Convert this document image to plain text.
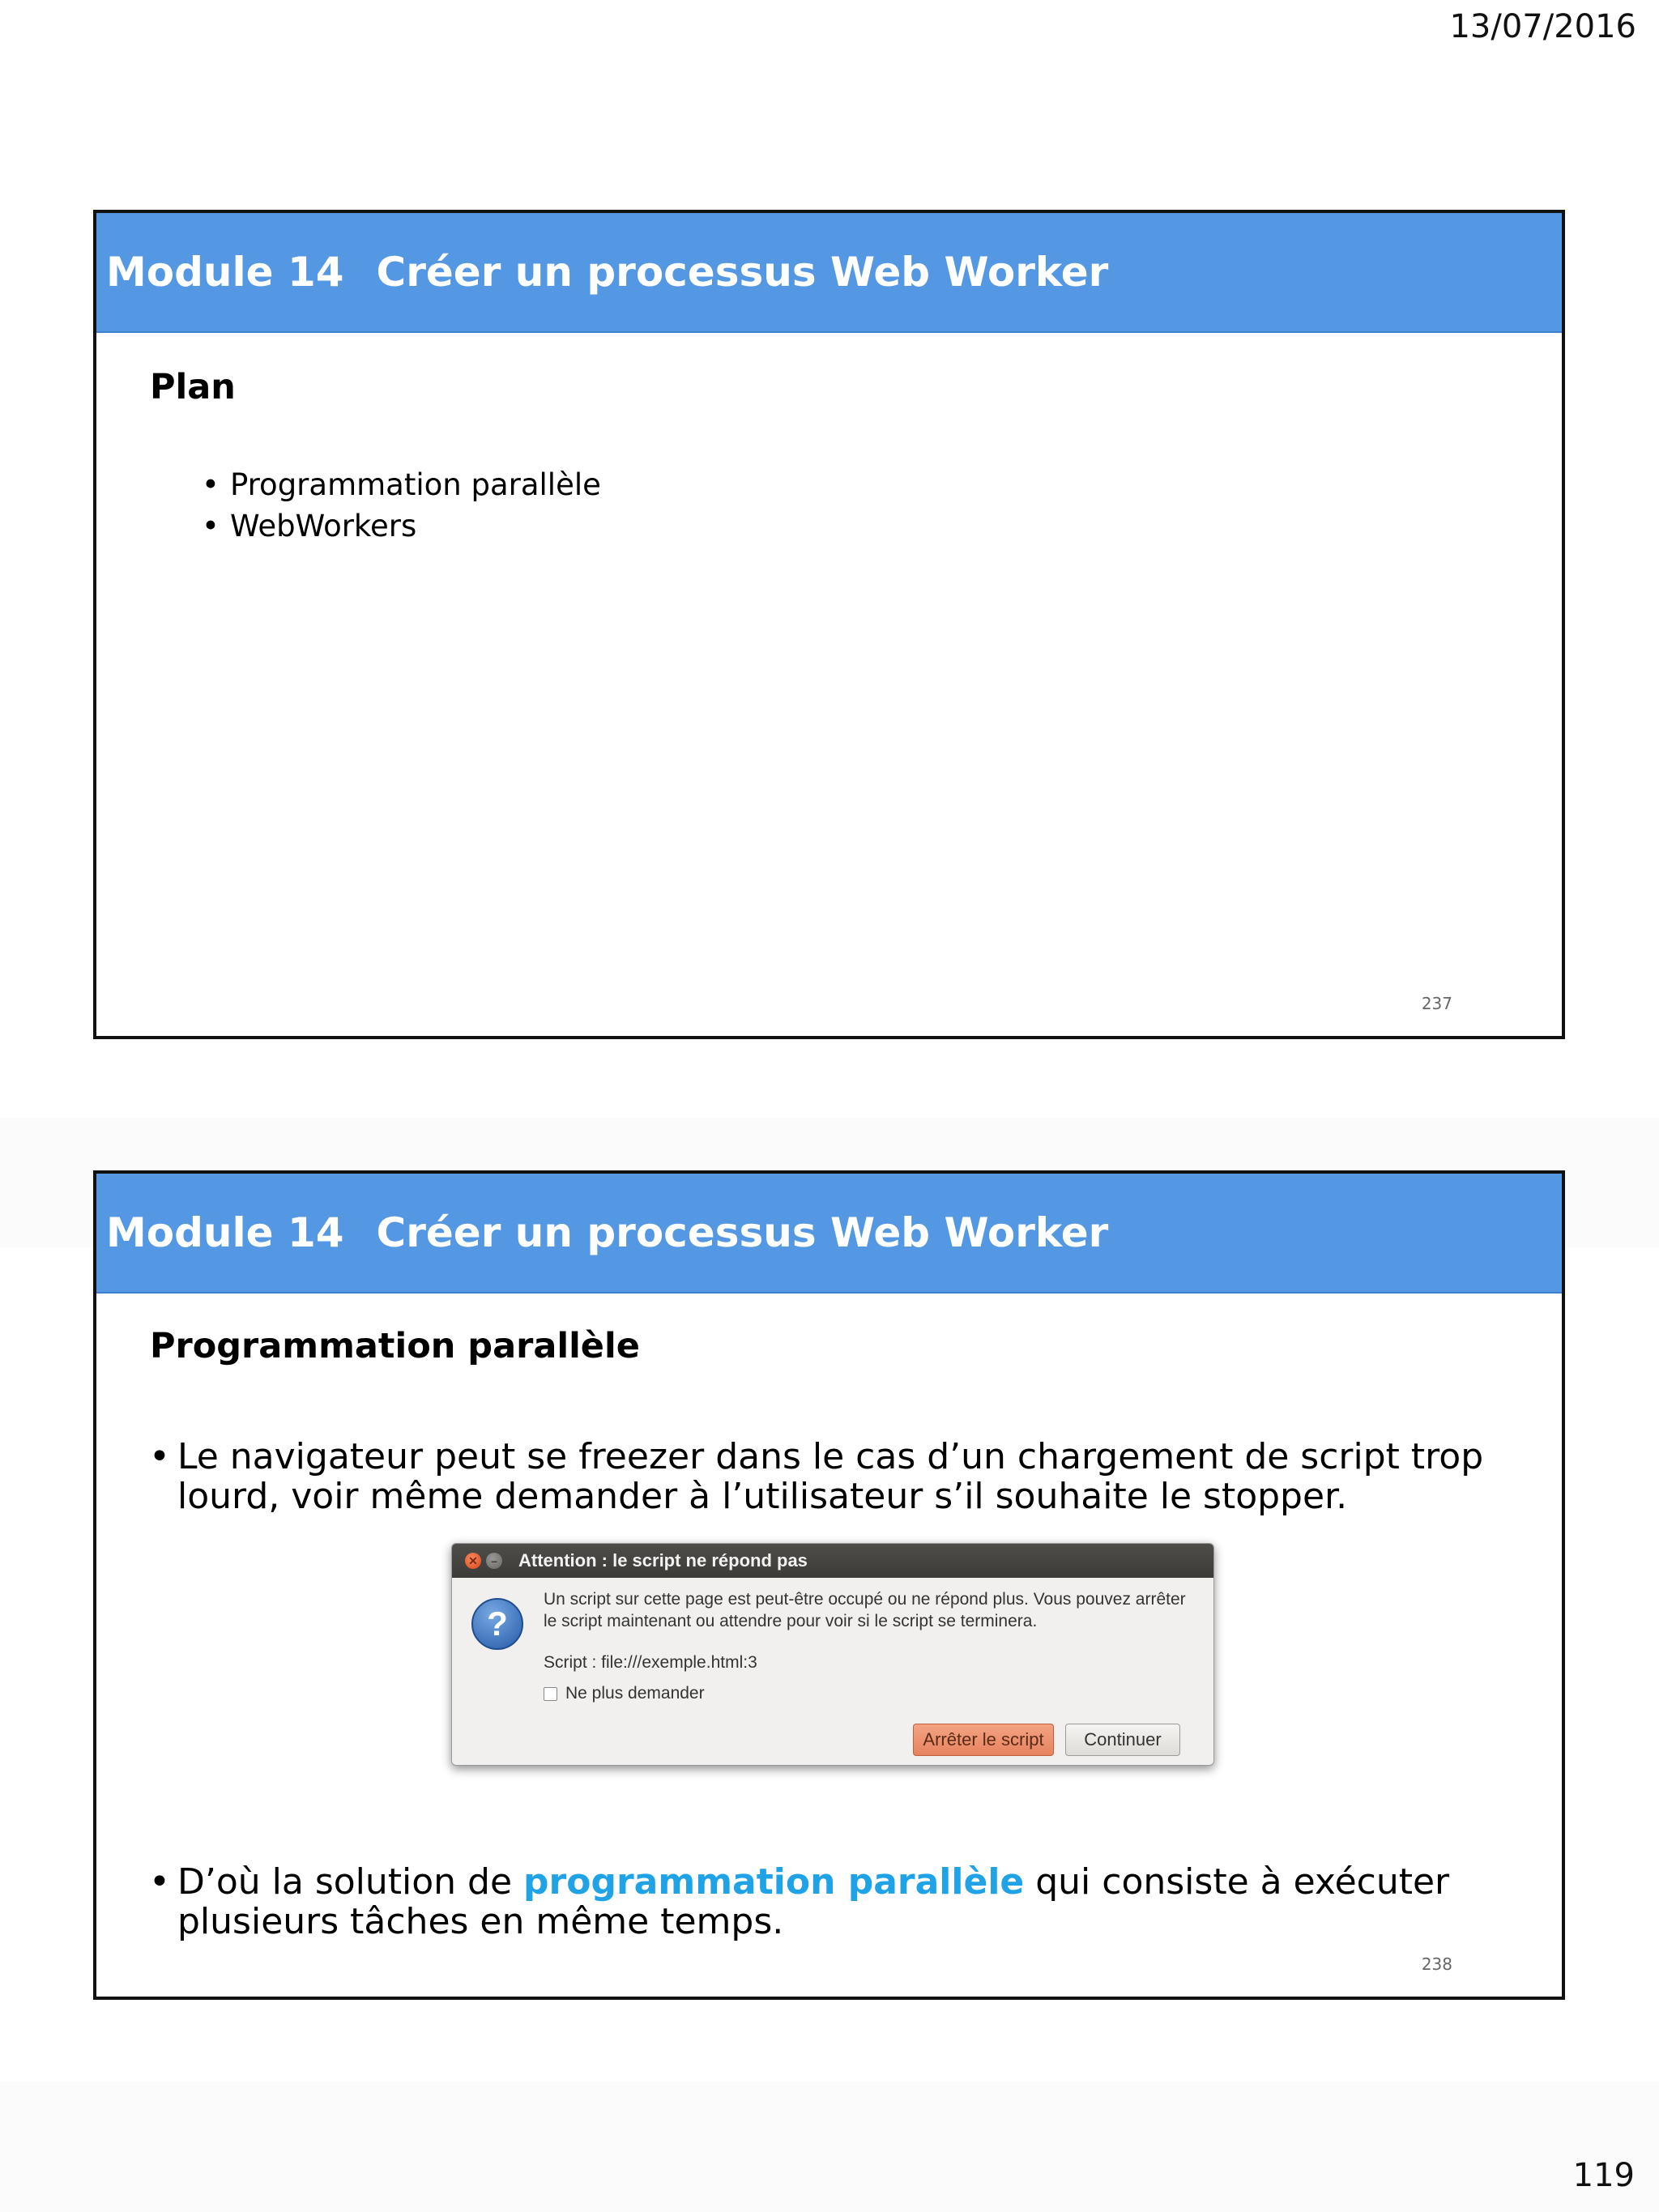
13/07/2016
Module 14 Créer un processus Web Worker
Plan
• Programmation parallèle
• WebWorkers
237
Module 14 Créer un processus Web Worker
Programmation parallèle
• Le navigateur peut se freezer dans le cas d’un chargement de script trop lourd, voir même demander à l’utilisateur s’il souhaite le stopper.
• D’où la solution de programmation parallèle qui consiste à exécuter plusieurs tâches en même temps.
238
✕	– Attention : le script ne répond pas
?
Un script sur cette page est peut-être occupé ou ne répond plus. Vous pouvez arrêter le script maintenant ou attendre pour voir si le script se terminera.
Script : file:///exemple.html:3
Ne plus demander
Arrêter le script	Continuer
119
